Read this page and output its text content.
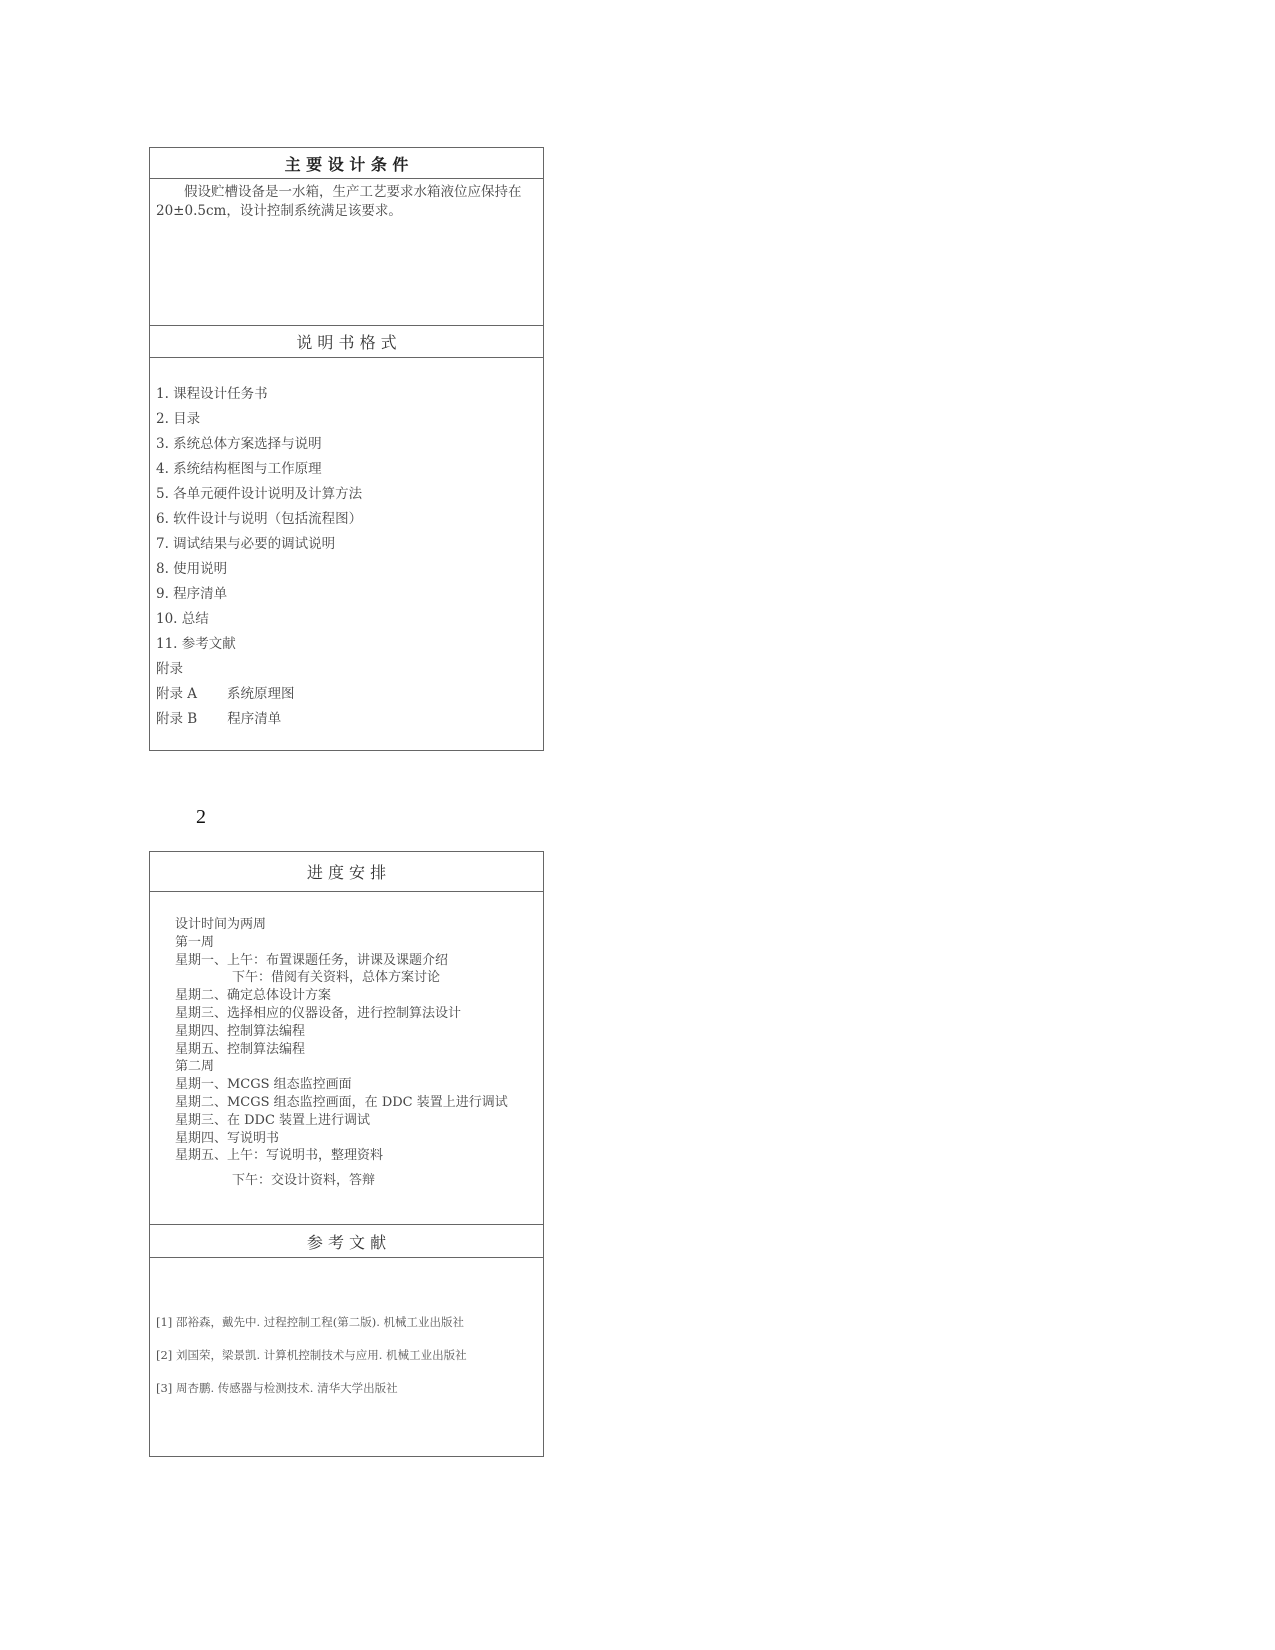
主 要 设 计 条 件
假设贮槽设备是一水箱，生产工艺要求水箱液位应保持在20±0.5cm，设计控制系统满足该要求。
说 明 书 格 式
1. 课程设计任务书
2. 目录
3. 系统总体方案选择与说明
4. 系统结构框图与工作原理
5. 各单元硬件设计说明及计算方法
6. 软件设计与说明（包括流程图）
7. 调试结果与必要的调试说明
8. 使用说明
9. 程序清单
10. 总结
11. 参考文献
附录
附录 A 系统原理图
附录 B 程序清单
2
进 度 安 排
设计时间为两周
第一周
星期一、上午：布置课题任务，讲课及课题介绍
下午：借阅有关资料，总体方案讨论
星期二、确定总体设计方案
星期三、选择相应的仪器设备，进行控制算法设计
星期四、控制算法编程
星期五、控制算法编程
第二周
星期一、MCGS 组态监控画面
星期二、MCGS 组态监控画面，在 DDC 装置上进行调试
星期三、在 DDC 装置上进行调试
星期四、写说明书
星期五、上午：写说明书，整理资料
下午：交设计资料，答辩
参 考 文 献
[1] 邵裕森，戴先中. 过程控制工程(第二版). 机械工业出版社
[2] 刘国荣，梁景凯. 计算机控制技术与应用. 机械工业出版社
[3] 周杏鹏. 传感器与检测技术. 清华大学出版社
